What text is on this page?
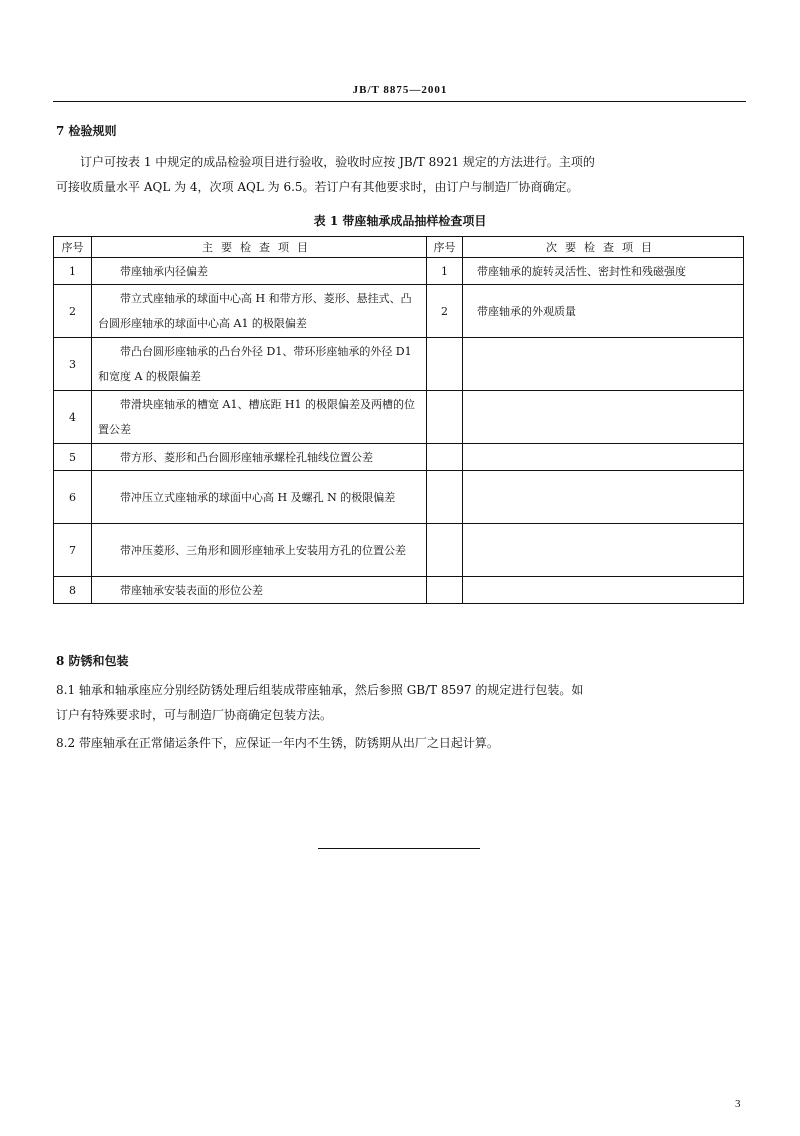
JB/T 8875—2001
7 检验规则
订户可按表 1 中规定的成品检验项目进行验收，验收时应按 JB/T 8921 规定的方法进行。主项的
可接收质量水平 AQL 为 4，次项 AQL 为 6.5。若订户有其他要求时，由订户与制造厂协商确定。
表 1 带座轴承成品抽样检查项目
序号	主要检查项目	序号	次要检查项目
1	带座轴承内径偏差	1	带座轴承的旋转灵活性、密封性和残磁强度
2	带立式座轴承的球面中心高 H 和带方形、菱形、悬挂式、凸台圆形座轴承的球面中心高 A1 的极限偏差	2	带座轴承的外观质量
3	带凸台圆形座轴承的凸台外径 D1、带环形座轴承的外径 D1 和宽度 A 的极限偏差		
4	带滑块座轴承的槽宽 A1、槽底距 H1 的极限偏差及两槽的位置公差		
5	带方形、菱形和凸台圆形座轴承螺栓孔轴线位置公差		
6	带冲压立式座轴承的球面中心高 H 及螺孔 N 的极限偏差		
7	带冲压菱形、三角形和圆形座轴承上安装用方孔的位置公差		
8	带座轴承安装表面的形位公差		
8 防锈和包装
8.1 轴承和轴承座应分别经防锈处理后组装成带座轴承，然后参照 GB/T 8597 的规定进行包装。如
订户有特殊要求时，可与制造厂协商确定包装方法。
8.2 带座轴承在正常储运条件下，应保证一年内不生锈，防锈期从出厂之日起计算。
3
